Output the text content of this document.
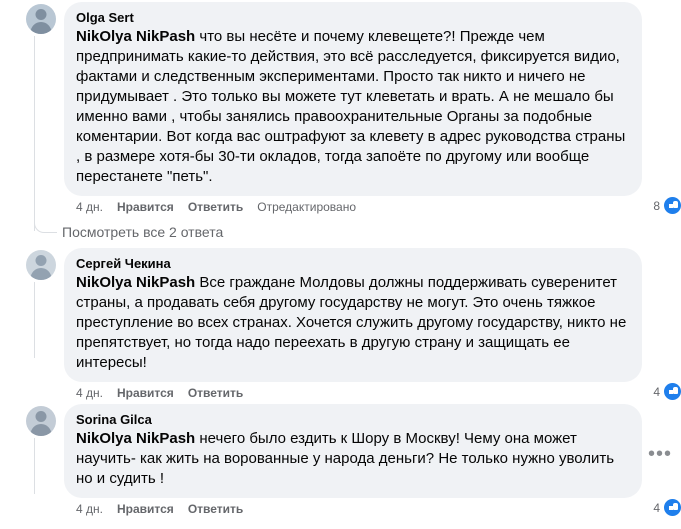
Olga Sert
NikOlya NikPash что вы несёте и почему клевещете?! Прежде чем предпринимать какие-то действия, это всё расследуется, фиксируется видио, фактами и следственным экспериментами. Просто так никто и ничего не придумывает . Это только вы можете тут клеветать и врать. А не мешало бы именно вами , чтобы занялись правоохранительные Органы за подобные коментарии. Вот когда вас оштрафуют за клевету в адрес руководства страны , в размере хотя-бы 30-ти окладов, тогда запоёте по другому или вообще перестанете "петь".
4 дн. Нравится Ответить Отредактировано	8
Посмотреть все 2 ответа
Сергей Чекина
NikOlya NikPash Все граждане Молдовы должны поддерживать суверенитет страны, а продавать себя другому государству не могут. Это очень тяжкое преступление во всех странах. Хочется служить другому государству, никто не препятствует, но тогда надо переехать в другую страну и защищать ее интересы!
4 дн. Нравится Ответить	4
Sorina Gilca
NikOlya NikPash нечего было ездить к Шору в Москву! Чему она может научить- как жить на ворованные у народа деньги? Не только нужно уволить но и судить !
4 дн. Нравится Ответить	4
•••
